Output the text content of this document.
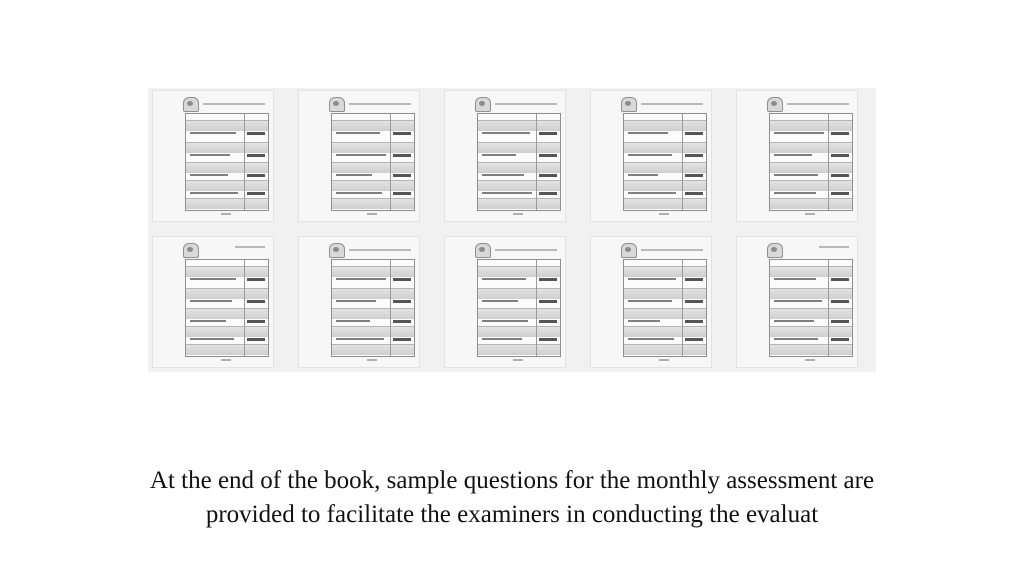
At the end of the book, sample questions for the monthly assessment are
provided to facilitate the examiners in conducting the evaluat
